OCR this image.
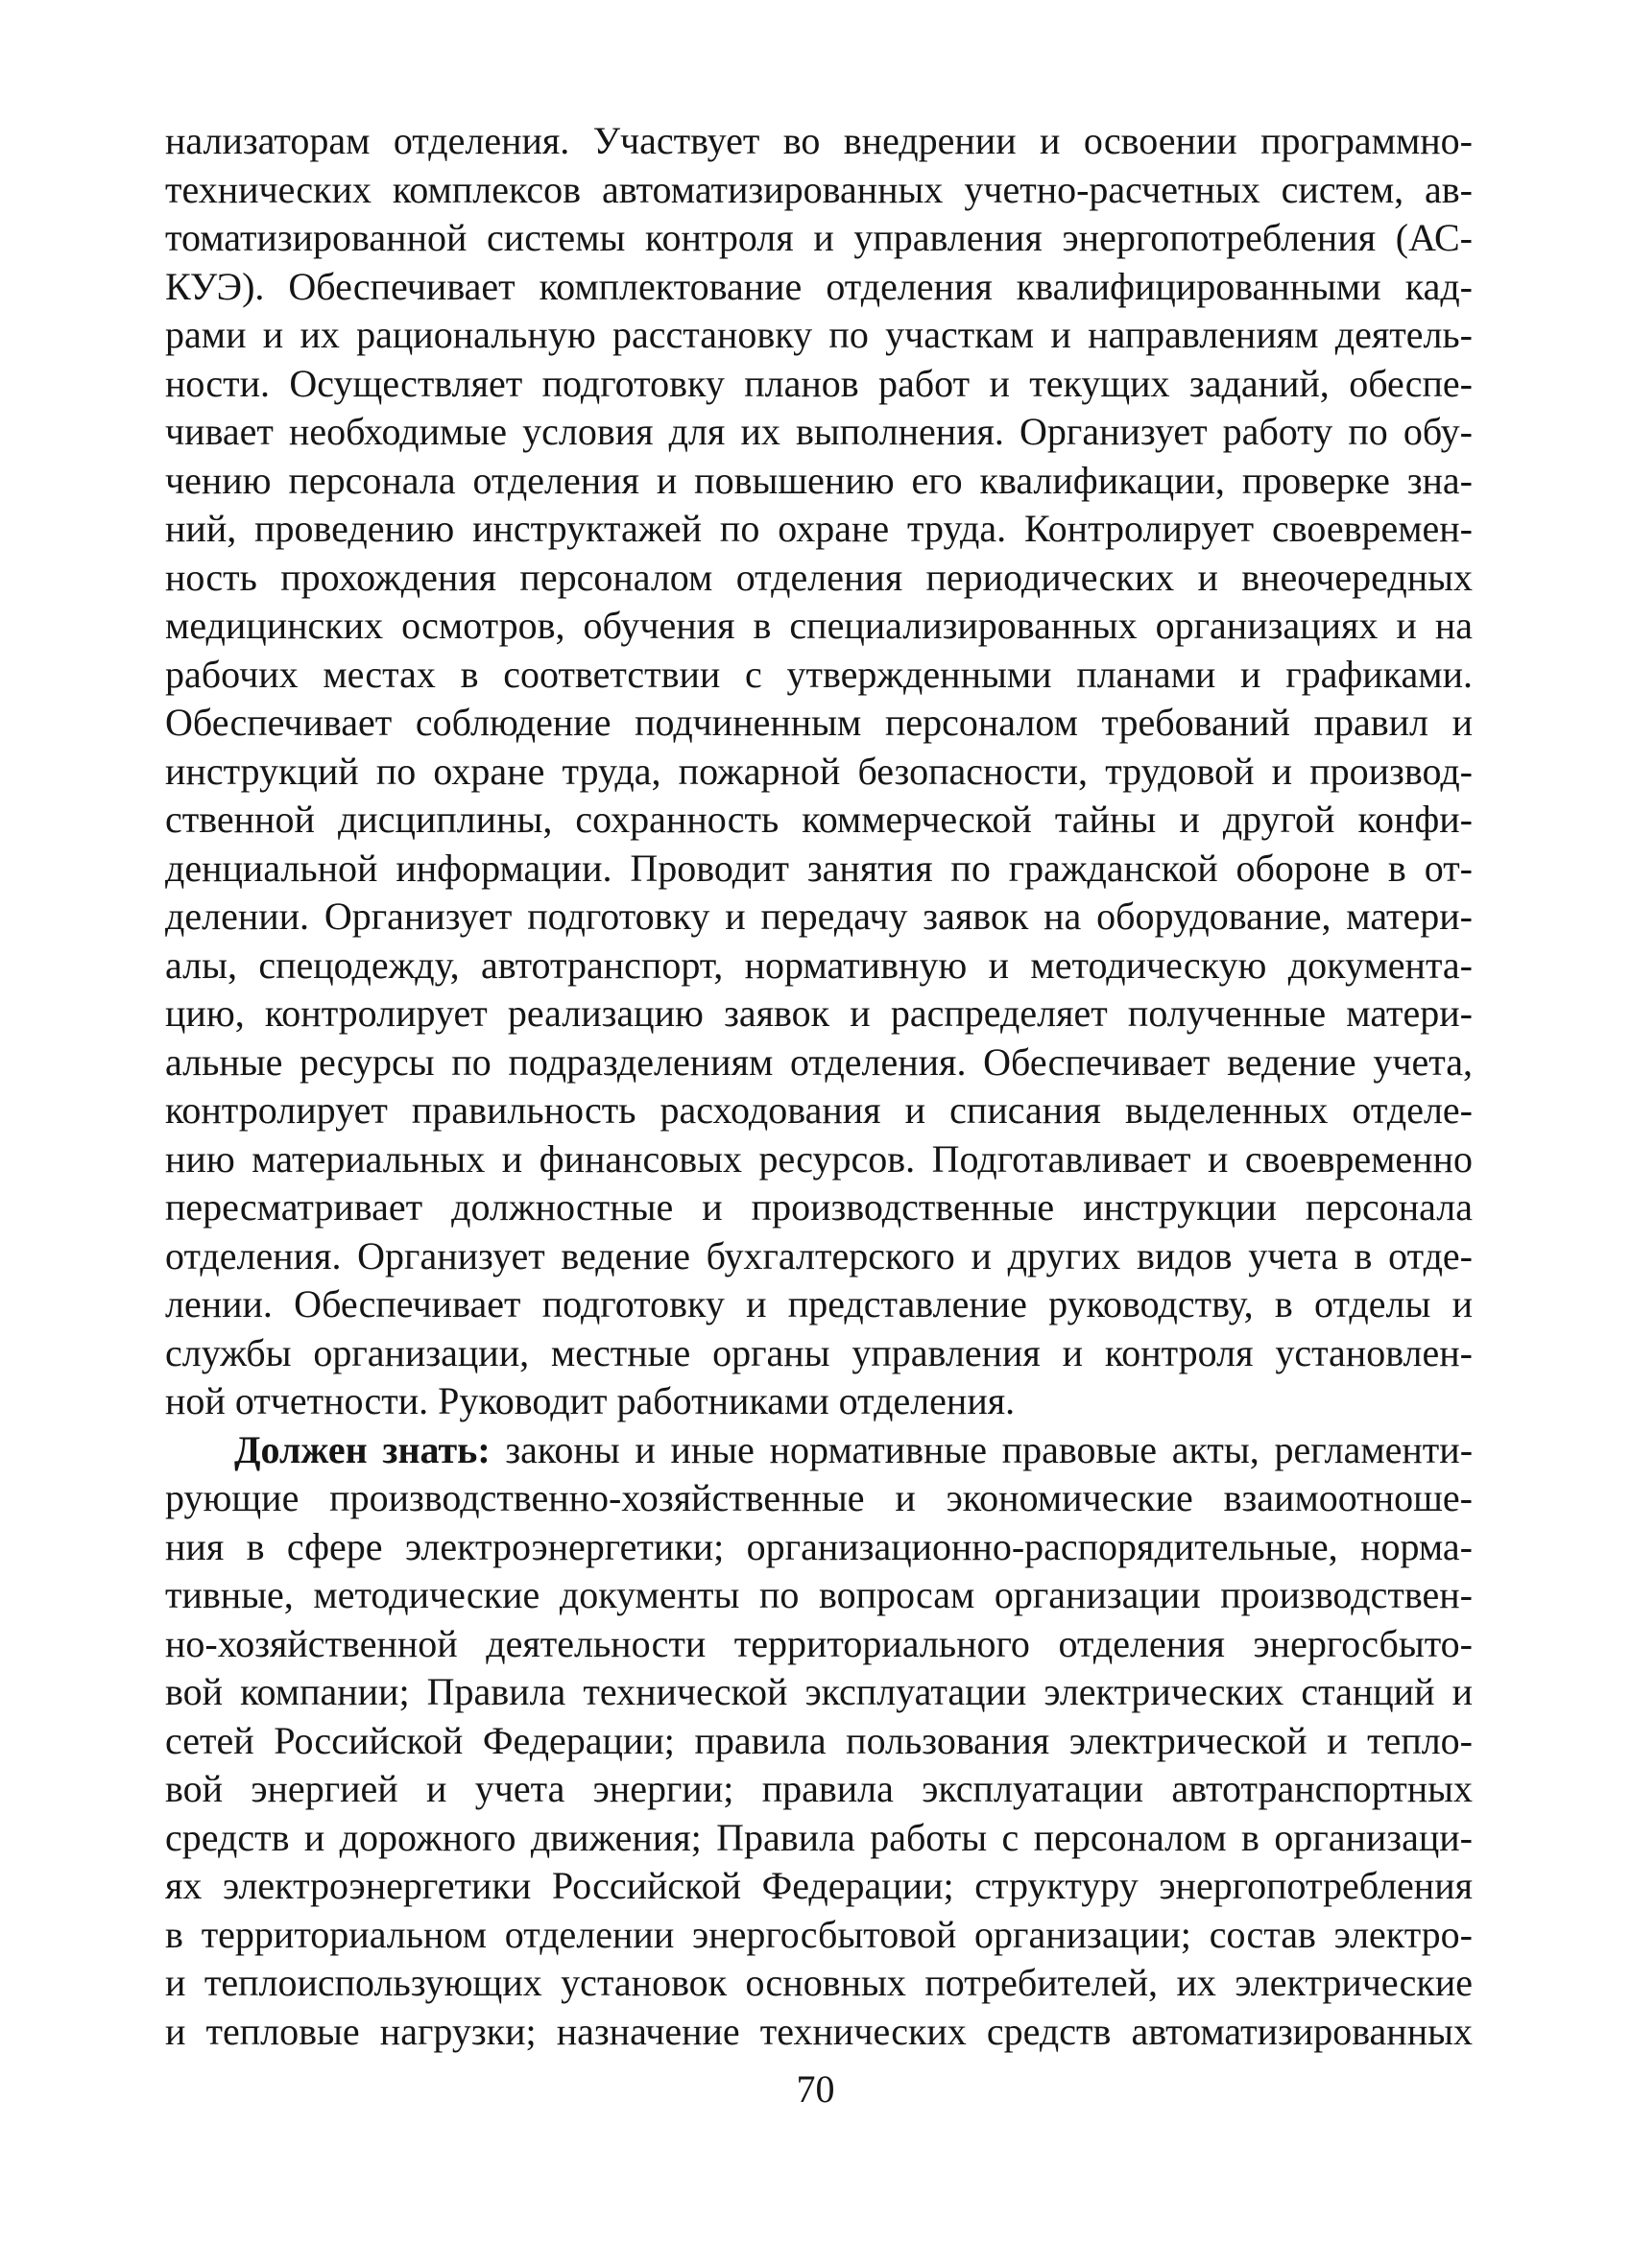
нализаторам отделения. Участвует во внедрении и освоении программно-
технических комплексов автоматизированных учетно-расчетных систем, ав-
томатизированной системы контроля и управления энергопотребления (АС-
КУЭ). Обеспечивает комплектование отделения квалифицированными кад-
рами и их рациональную расстановку по участкам и направлениям деятель-
ности. Осуществляет подготовку планов работ и текущих заданий, обеспе-
чивает необходимые условия для их выполнения. Организует работу по обу-
чению персонала отделения и повышению его квалификации, проверке зна-
ний, проведению инструктажей по охране труда. Контролирует своевремен-
ность прохождения персоналом отделения периодических и внеочередных
медицинских осмотров, обучения в специализированных организациях и на
рабочих местах в соответствии с утвержденными планами и графиками.
Обеспечивает соблюдение подчиненным персоналом требований правил и
инструкций по охране труда, пожарной безопасности, трудовой и производ-
ственной дисциплины, сохранность коммерческой тайны и другой конфи-
денциальной информации. Проводит занятия по гражданской обороне в от-
делении. Организует подготовку и передачу заявок на оборудование, матери-
алы, спецодежду, автотранспорт, нормативную и методическую документа-
цию, контролирует реализацию заявок и распределяет полученные матери-
альные ресурсы по подразделениям отделения. Обеспечивает ведение учета,
контролирует правильность расходования и списания выделенных отделе-
нию материальных и финансовых ресурсов. Подготавливает и своевременно
пересматривает должностные и производственные инструкции персонала
отделения. Организует ведение бухгалтерского и других видов учета в отде-
лении. Обеспечивает подготовку и представление руководству, в отделы и
службы организации, местные органы управления и контроля установлен-
ной отчетности. Руководит работниками отделения.
Должен знать: законы и иные нормативные правовые акты, регламенти-
рующие производственно-хозяйственные и экономические взаимоотноше-
ния в сфере электроэнергетики; организационно-распорядительные, норма-
тивные, методические документы по вопросам организации производствен-
но-хозяйственной деятельности территориального отделения энергосбыто-
вой компании; Правила технической эксплуатации электрических станций и
сетей Российской Федерации; правила пользования электрической и тепло-
вой энергией и учета энергии; правила эксплуатации автотранспортных
средств и дорожного движения; Правила работы с персоналом в организаци-
ях электроэнергетики Российской Федерации; структуру энергопотребления
в территориальном отделении энергосбытовой организации; состав электро-
и теплоиспользующих установок основных потребителей, их электрические
и тепловые нагрузки; назначение технических средств автоматизированных
70
